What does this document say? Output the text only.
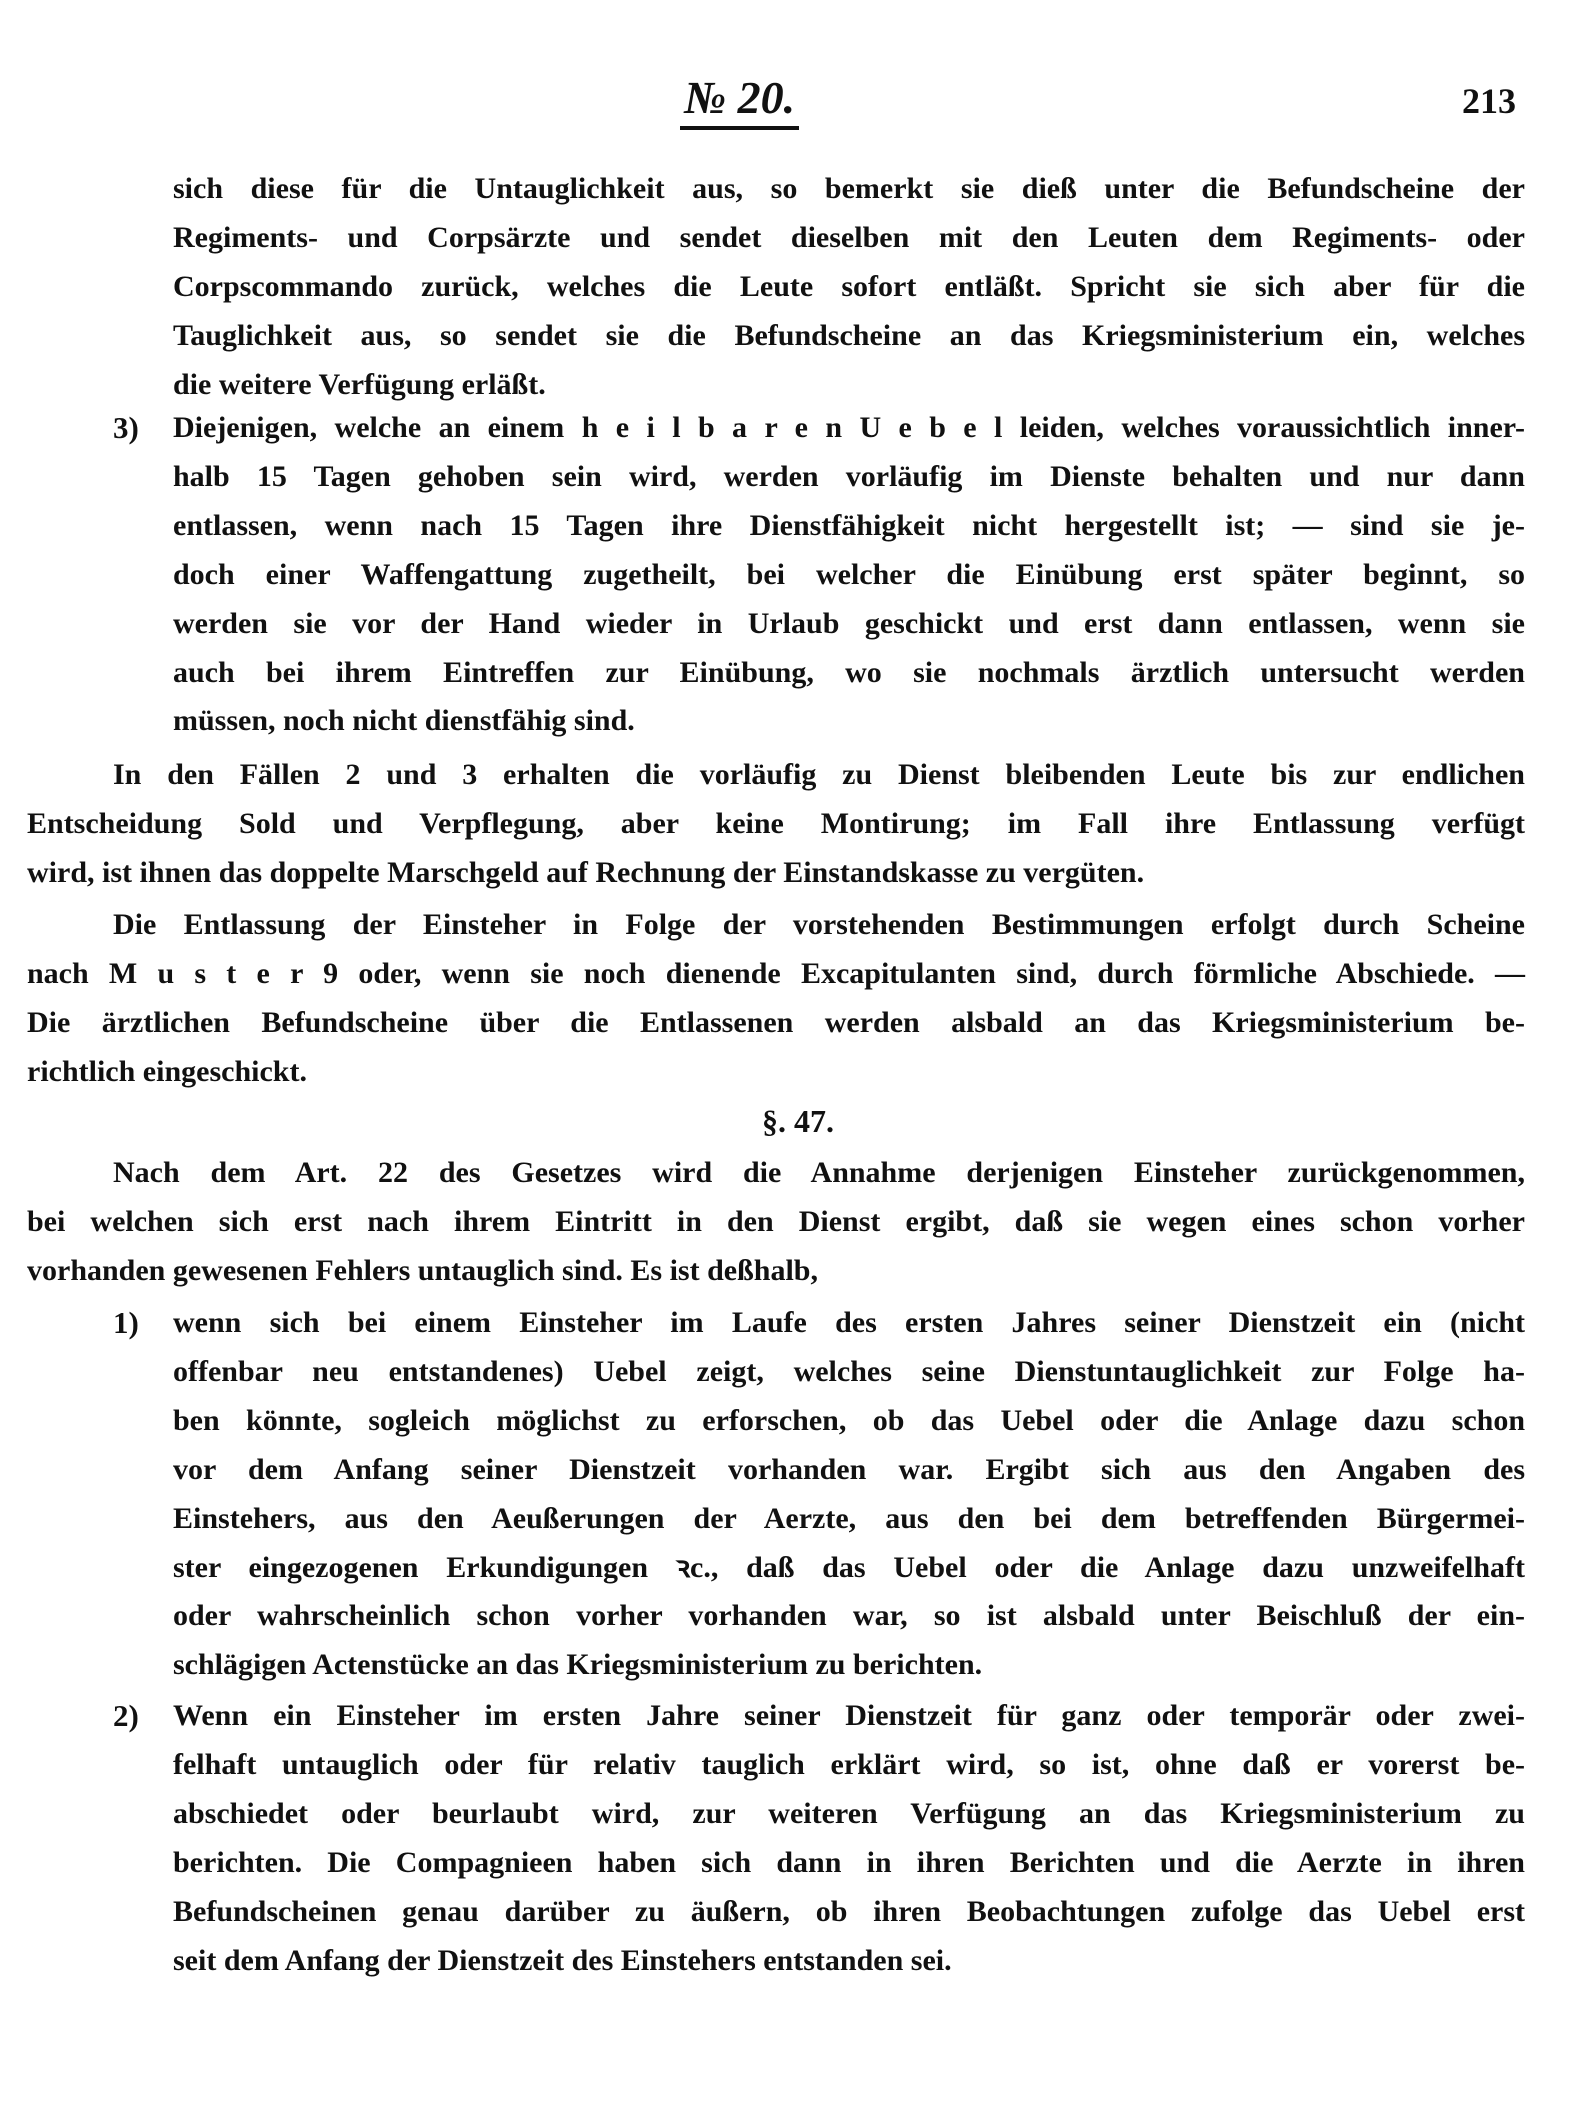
№ 20.	213
§. 47.
sich diese für die Untauglichkeit aus, so bemerkt sie dieß unter die Befundscheine der
Regiments- und Corpsärzte und sendet dieselben mit den Leuten dem Regiments- oder
Corpscommando zurück, welches die Leute sofort entläßt. Spricht sie sich aber für die
Tauglichkeit aus, so sendet sie die Befundscheine an das Kriegsministerium ein, welches
die weitere Verfügung erläßt.
3) Diejenigen, welche an einem h e i l b a r e n U e b e l leiden, welches voraussichtlich inner-
halb 15 Tagen gehoben sein wird, werden vorläufig im Dienste behalten und nur dann
entlassen, wenn nach 15 Tagen ihre Dienstfähigkeit nicht hergestellt ist; — sind sie je-
doch einer Waffengattung zugetheilt, bei welcher die Einübung erst später beginnt, so
werden sie vor der Hand wieder in Urlaub geschickt und erst dann entlassen, wenn sie
auch bei ihrem Eintreffen zur Einübung, wo sie nochmals ärztlich untersucht werden
müssen, noch nicht dienstfähig sind.
In den Fällen 2 und 3 erhalten die vorläufig zu Dienst bleibenden Leute bis zur endlichen
Entscheidung Sold und Verpflegung, aber keine Montirung; im Fall ihre Entlassung verfügt
wird, ist ihnen das doppelte Marschgeld auf Rechnung der Einstandskasse zu vergüten.
Die Entlassung der Einsteher in Folge der vorstehenden Bestimmungen erfolgt durch Scheine
nach M u s t e r 9 oder, wenn sie noch dienende Excapitulanten sind, durch förmliche Abschiede. —
Die ärztlichen Befundscheine über die Entlassenen werden alsbald an das Kriegsministerium be-
richtlich eingeschickt.
Nach dem Art. 22 des Gesetzes wird die Annahme derjenigen Einsteher zurückgenommen,
bei welchen sich erst nach ihrem Eintritt in den Dienst ergibt, daß sie wegen eines schon vorher
vorhanden gewesenen Fehlers untauglich sind. Es ist deßhalb,
1) wenn sich bei einem Einsteher im Laufe des ersten Jahres seiner Dienstzeit ein (nicht
offenbar neu entstandenes) Uebel zeigt, welches seine Dienstuntauglichkeit zur Folge ha-
ben könnte, sogleich möglichst zu erforschen, ob das Uebel oder die Anlage dazu schon
vor dem Anfang seiner Dienstzeit vorhanden war. Ergibt sich aus den Angaben des
Einstehers, aus den Aeußerungen der Aerzte, aus den bei dem betreffenden Bürgermei-
ster eingezogenen Erkundigungen ꝛc., daß das Uebel oder die Anlage dazu unzweifelhaft
oder wahrscheinlich schon vorher vorhanden war, so ist alsbald unter Beischluß der ein-
schlägigen Actenstücke an das Kriegsministerium zu berichten.
2) Wenn ein Einsteher im ersten Jahre seiner Dienstzeit für ganz oder temporär oder zwei-
felhaft untauglich oder für relativ tauglich erklärt wird, so ist, ohne daß er vorerst be-
abschiedet oder beurlaubt wird, zur weiteren Verfügung an das Kriegsministerium zu
berichten. Die Compagnieen haben sich dann in ihren Berichten und die Aerzte in ihren
Befundscheinen genau darüber zu äußern, ob ihren Beobachtungen zufolge das Uebel erst
seit dem Anfang der Dienstzeit des Einstehers entstanden sei.
